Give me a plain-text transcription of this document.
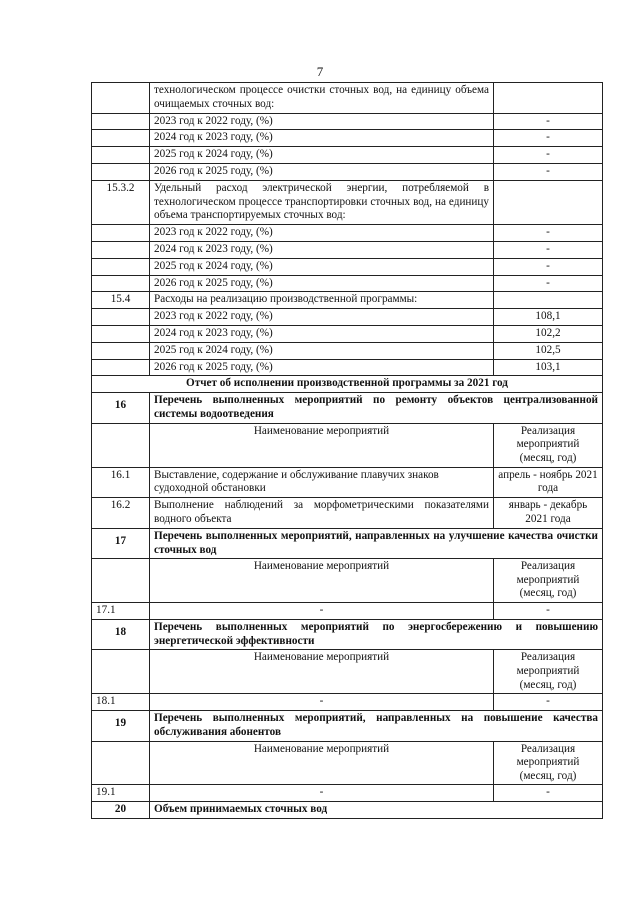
7
	технологическом процессе очистки сточных вод, на единицу объема очищаемых сточных вод:	
	2023 год к 2022 году, (%)	-
	2024 год к 2023 году, (%)	-
	2025 год к 2024 году, (%)	-
	2026 год к 2025 году, (%)	-
15.3.2	Удельный расход электрической энергии, потребляемой в технологическом процессе транспортировки сточных вод, на единицу объема транспортируемых сточных вод:	
	2023 год к 2022 году, (%)	-
	2024 год к 2023 году, (%)	-
	2025 год к 2024 году, (%)	-
	2026 год к 2025 году, (%)	-
15.4	Расходы на реализацию производственной программы:	
	2023 год к 2022 году, (%)	108,1
	2024 год к 2023 году, (%)	102,2
	2025 год к 2024 году, (%)	102,5
	2026 год к 2025 году, (%)	103,1
Отчет об исполнении производственной программы за 2021 год		
16	Перечень выполненных мероприятий по ремонту объектов централизованной системы водоотведения	
	Наименование мероприятий	Реализация мероприятий (месяц, год)
16.1	Выставление, содержание и обслуживание плавучих знаков судоходной обстановки	апрель - ноябрь 2021 года
16.2	Выполнение наблюдений за морфометрическими показателями водного объекта	январь - декабрь 2021 года
17	Перечень выполненных мероприятий, направленных на улучшение качества очистки сточных вод	
	Наименование мероприятий	Реализация мероприятий (месяц, год)
17.1	-	-
18	Перечень выполненных мероприятий по энергосбережению и повышению энергетической эффективности	
	Наименование мероприятий	Реализация мероприятий (месяц, год)
18.1	-	-
19	Перечень выполненных мероприятий, направленных на повышение качества обслуживания абонентов	
	Наименование мероприятий	Реализация мероприятий (месяц, год)
19.1	-	-
20	Объем принимаемых сточных вод	
